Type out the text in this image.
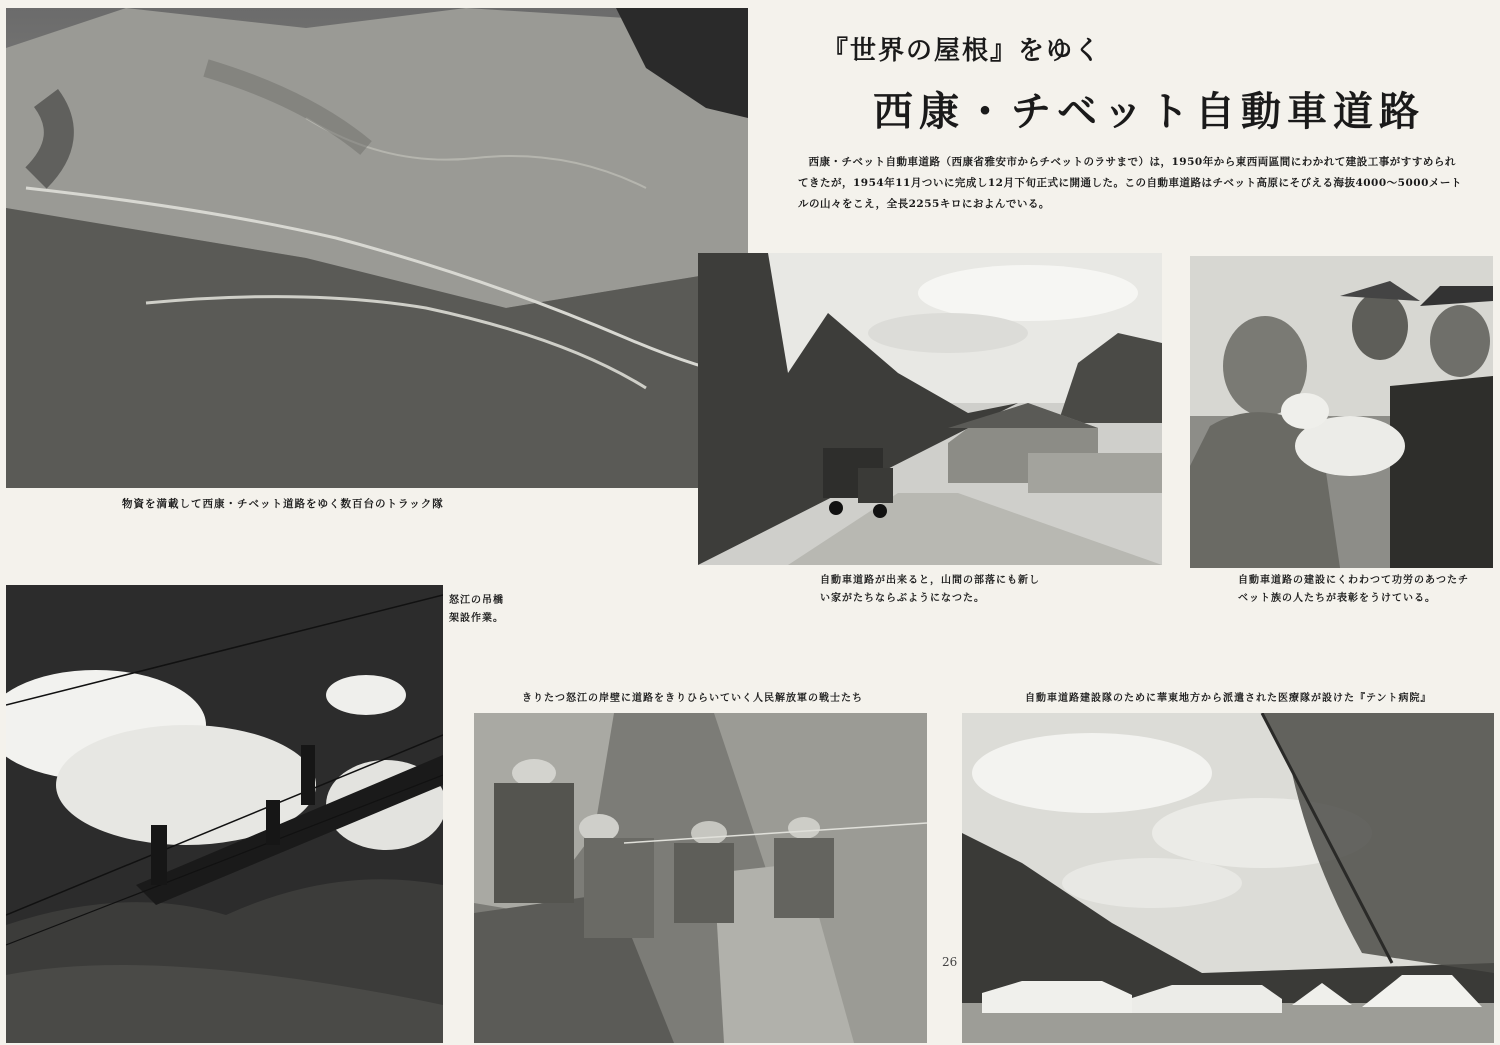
『世界の屋根』をゆく
西康・チベット自動車道路
西康・チベット自動車道路（西康省雅安市からチベットのラサまで）は，1950年から東西両區間にわかれて建設工事がすすめられてきたが，1954年11月ついに完成し12月下旬正式に開通した。この自動車道路はチベット高原にそびえる海抜4000〜5000メートルの山々をこえ，全長2255キロにおよんでいる。
物資を満載して西康・チベット道路をゆく数百台のトラック隊
自動車道路が出来ると，山間の部落にも新しい家がたちならぶようになつた。
自動車道路の建設にくわわつて功労のあつたチベット族の人たちが表彰をうけている。
怒江の吊橋架設作業。
きりたつ怒江の岸壁に道路をきりひらいていく人民解放軍の戦士たち
26
自動車道路建設隊のために華東地方から派遣された医療隊が設けた『テント病院』
